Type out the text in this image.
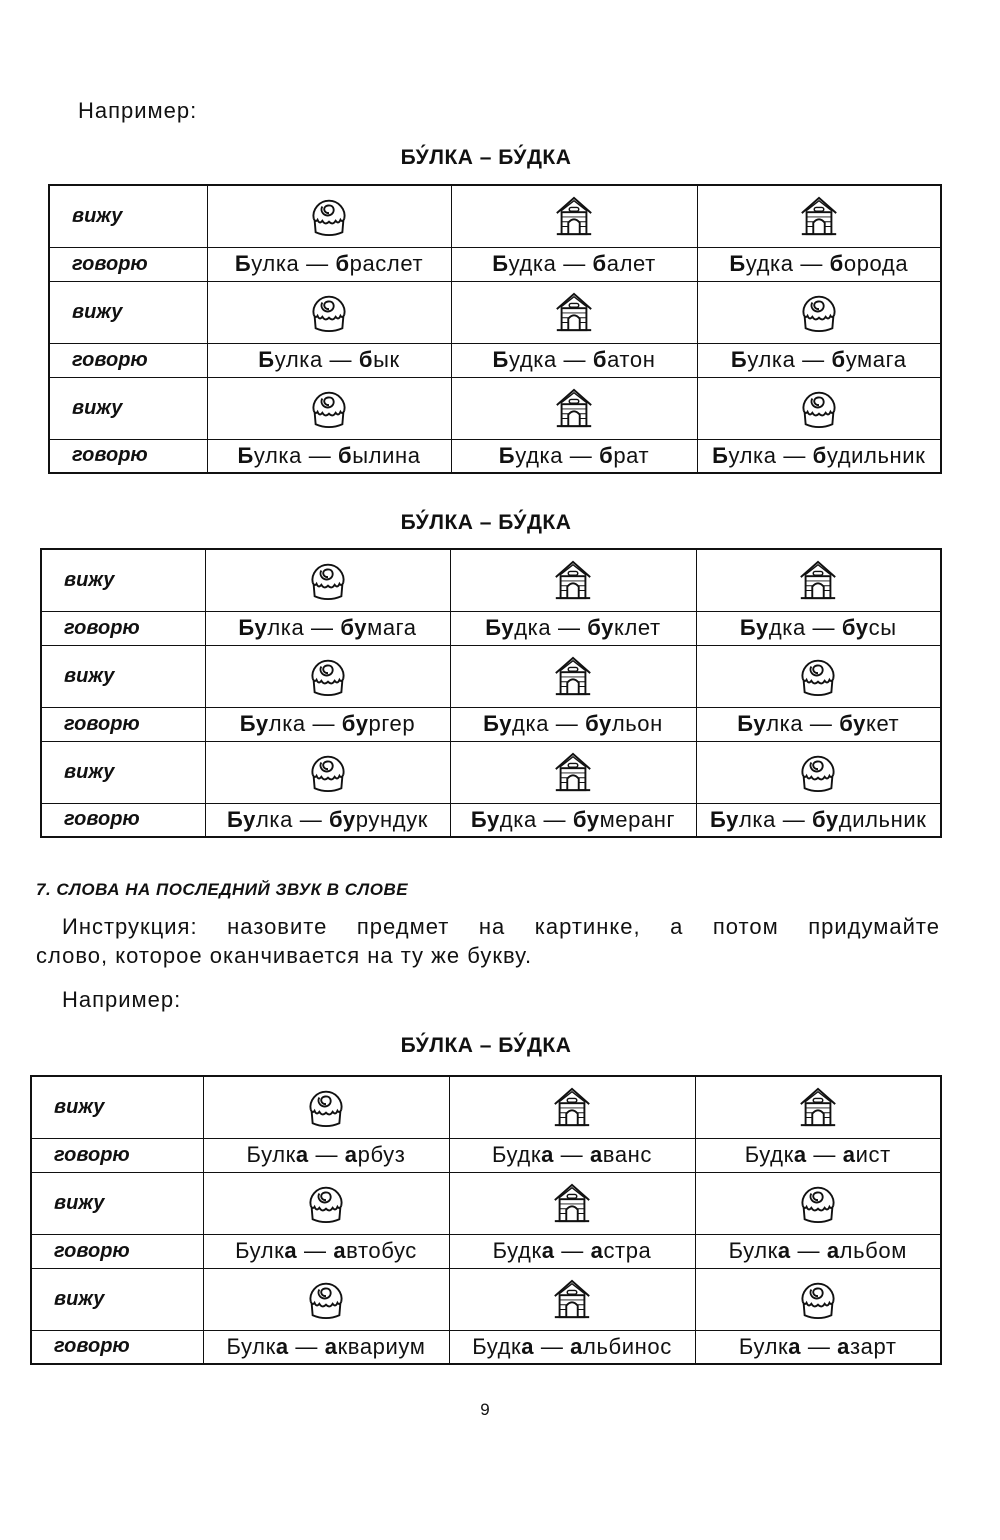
Например:
БУ́ЛКА – БУ́ДКА
вижу	

говорю	Булка — браслет	Будка — балет	Будка — борода
вижу	

говорю	Булка — бык	Будка — батон	Булка — бумага
вижу	

говорю	Булка — былина	Будка — брат	Булка — будильник
БУ́ЛКА – БУ́ДКА
вижу	

говорю	Булка — бумага	Будка — буклет	Будка — бусы
вижу	

говорю	Булка — бургер	Будка — бульон	Булка — букет
вижу	

говорю	Булка — бурундук	Будка — бумеранг	Булка — будильник
7. СЛОВА НА ПОСЛЕДНИЙ ЗВУК В СЛОВЕ
Инструкция: назовите предмет на картинке, а потом придумайте
слово, которое оканчивается на ту же букву.
Например:
БУ́ЛКА – БУ́ДКА
вижу	

говорю	Булка — арбуз	Будка — аванс	Будка — аист
вижу	

говорю	Булка — автобус	Будка — астра	Булка — альбом
вижу	

говорю	Булка — аквариум	Будка — альбинос	Булка — азарт
9
